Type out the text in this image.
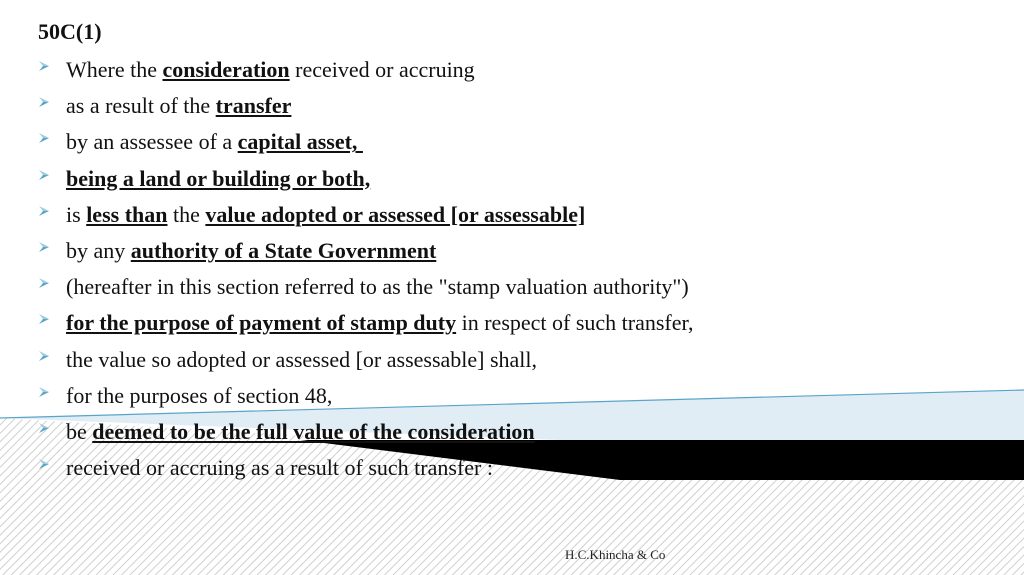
50C(1)
Where the consideration received or accruing
as a result of the transfer
by an assessee of a capital asset,
being a land or building or both,
is less than the value adopted or assessed [or assessable]
by any authority of a State Government
(hereafter in this section referred to as the "stamp valuation authority")
for the purpose of payment of stamp duty in respect of such transfer,
the value so adopted or assessed [or assessable] shall,
for the purposes of section 48,
be deemed to be the full value of the consideration
received or accruing as a result of such transfer :
H.C.Khincha & Co
